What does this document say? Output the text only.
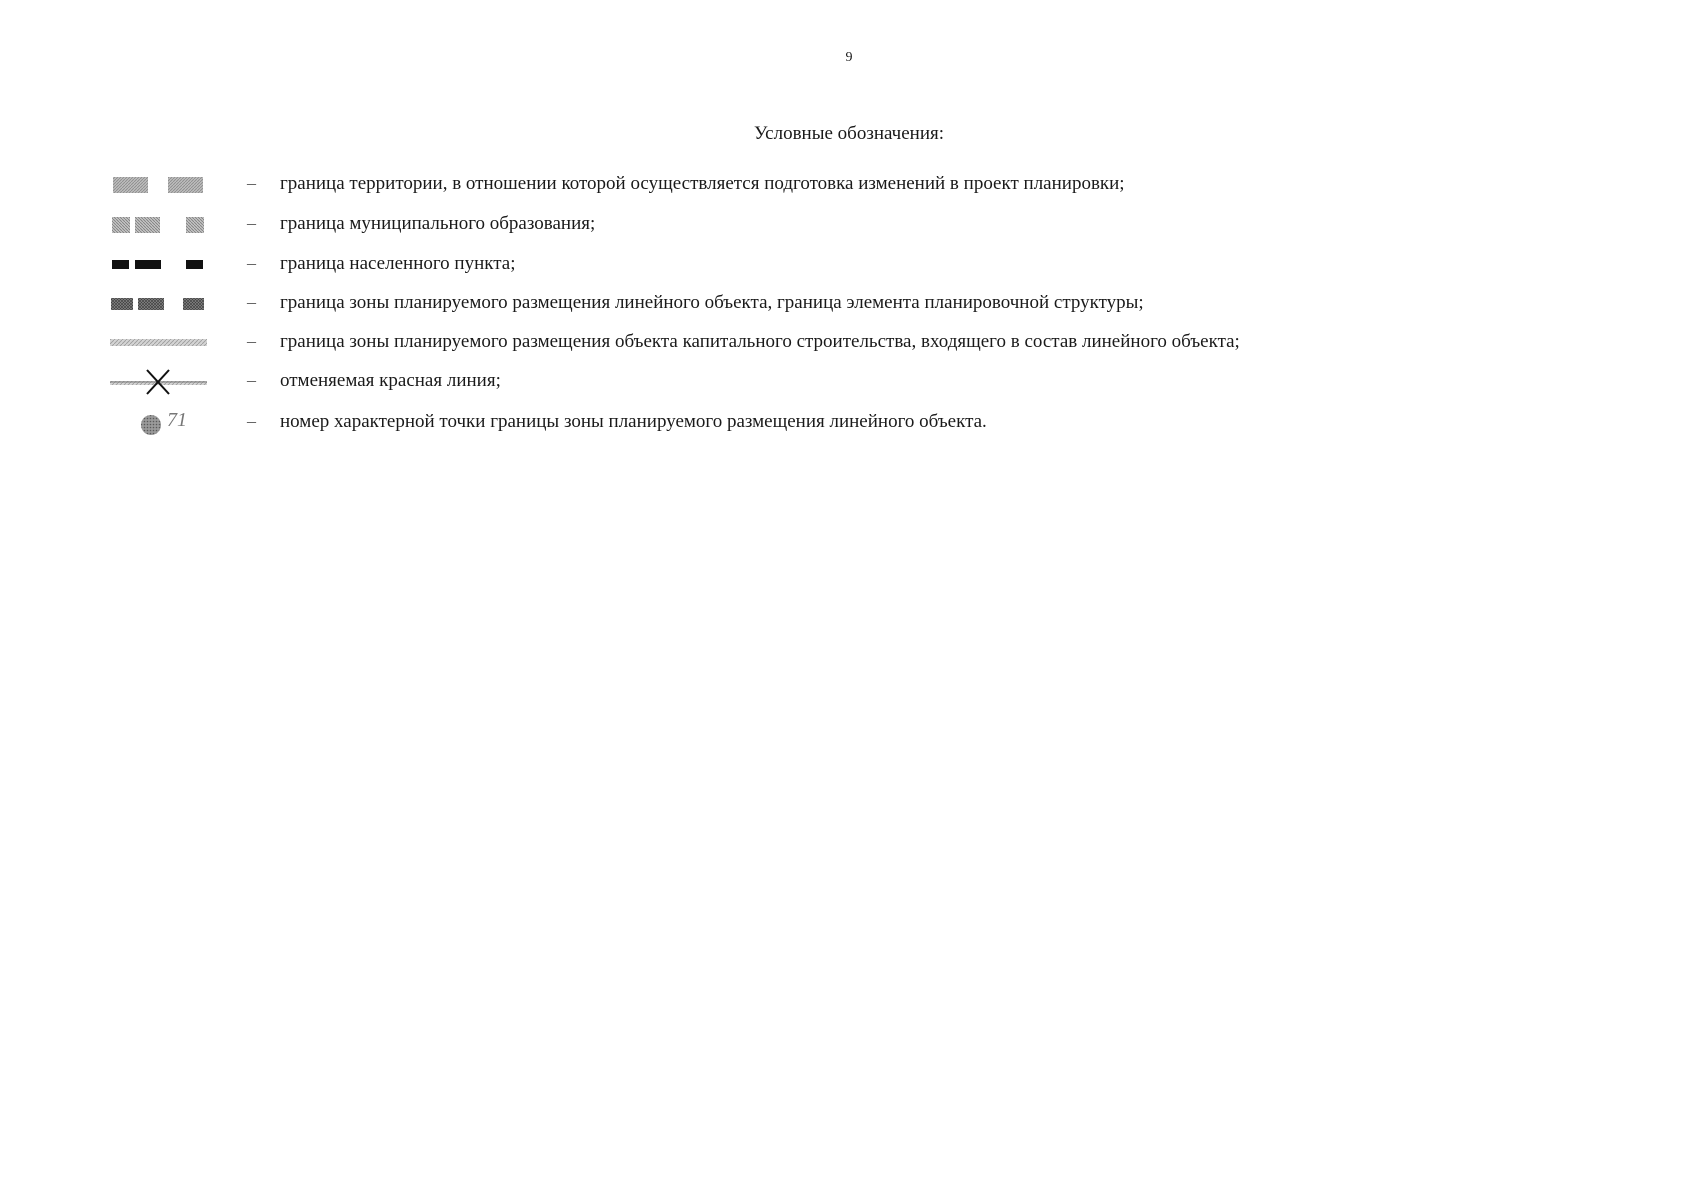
9
Условные обозначения:
– граница территории, в отношении которой осуществляется подготовка изменений в проект планировки;
– граница муниципального образования;
– граница населенного пункта;
– граница зоны планируемого размещения линейного объекта, граница элемента планировочной структуры;
– граница зоны планируемого размещения объекта капитального строительства, входящего в состав линейного объекта;
– отменяемая красная линия;
71	– номер характерной точки границы зоны планируемого размещения линейного объекта.
